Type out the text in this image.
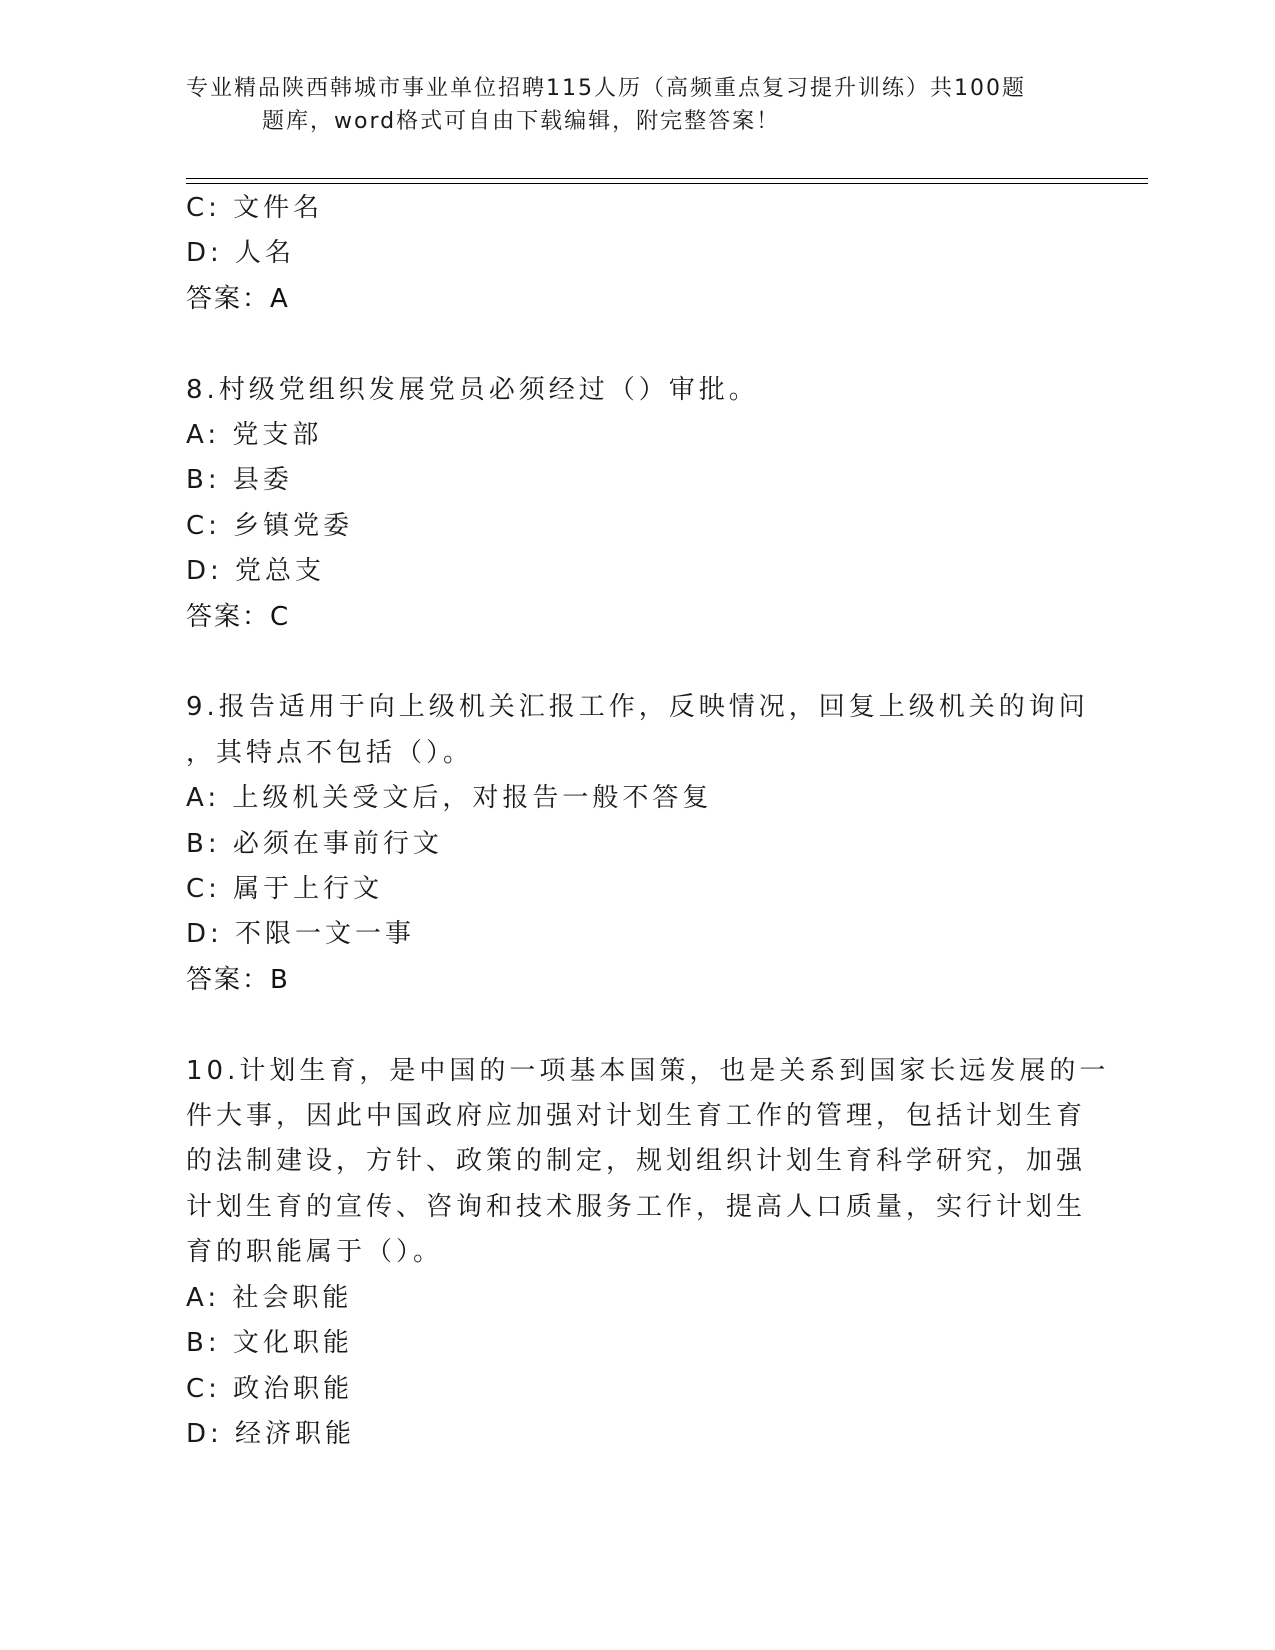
专业精品陕西韩城市事业单位招聘115人历（高频重点复习提升训练）共100题
题库，word格式可自由下载编辑，附完整答案！
C: 文件名
D: 人名
答案：A
8.村级党组织发展党员必须经过（）审批。
A: 党支部
B: 县委
C: 乡镇党委
D: 党总支
答案：C
9.报告适用于向上级机关汇报工作，反映情况，回复上级机关的询问
，其特点不包括（）。
A: 上级机关受文后，对报告一般不答复
B: 必须在事前行文
C: 属于上行文
D: 不限一文一事
答案：B
10.计划生育，是中国的一项基本国策，也是关系到国家长远发展的一
件大事，因此中国政府应加强对计划生育工作的管理，包括计划生育
的法制建设，方针、政策的制定，规划组织计划生育科学研究，加强
计划生育的宣传、咨询和技术服务工作，提高人口质量，实行计划生
育的职能属于（）。
A: 社会职能
B: 文化职能
C: 政治职能
D: 经济职能
